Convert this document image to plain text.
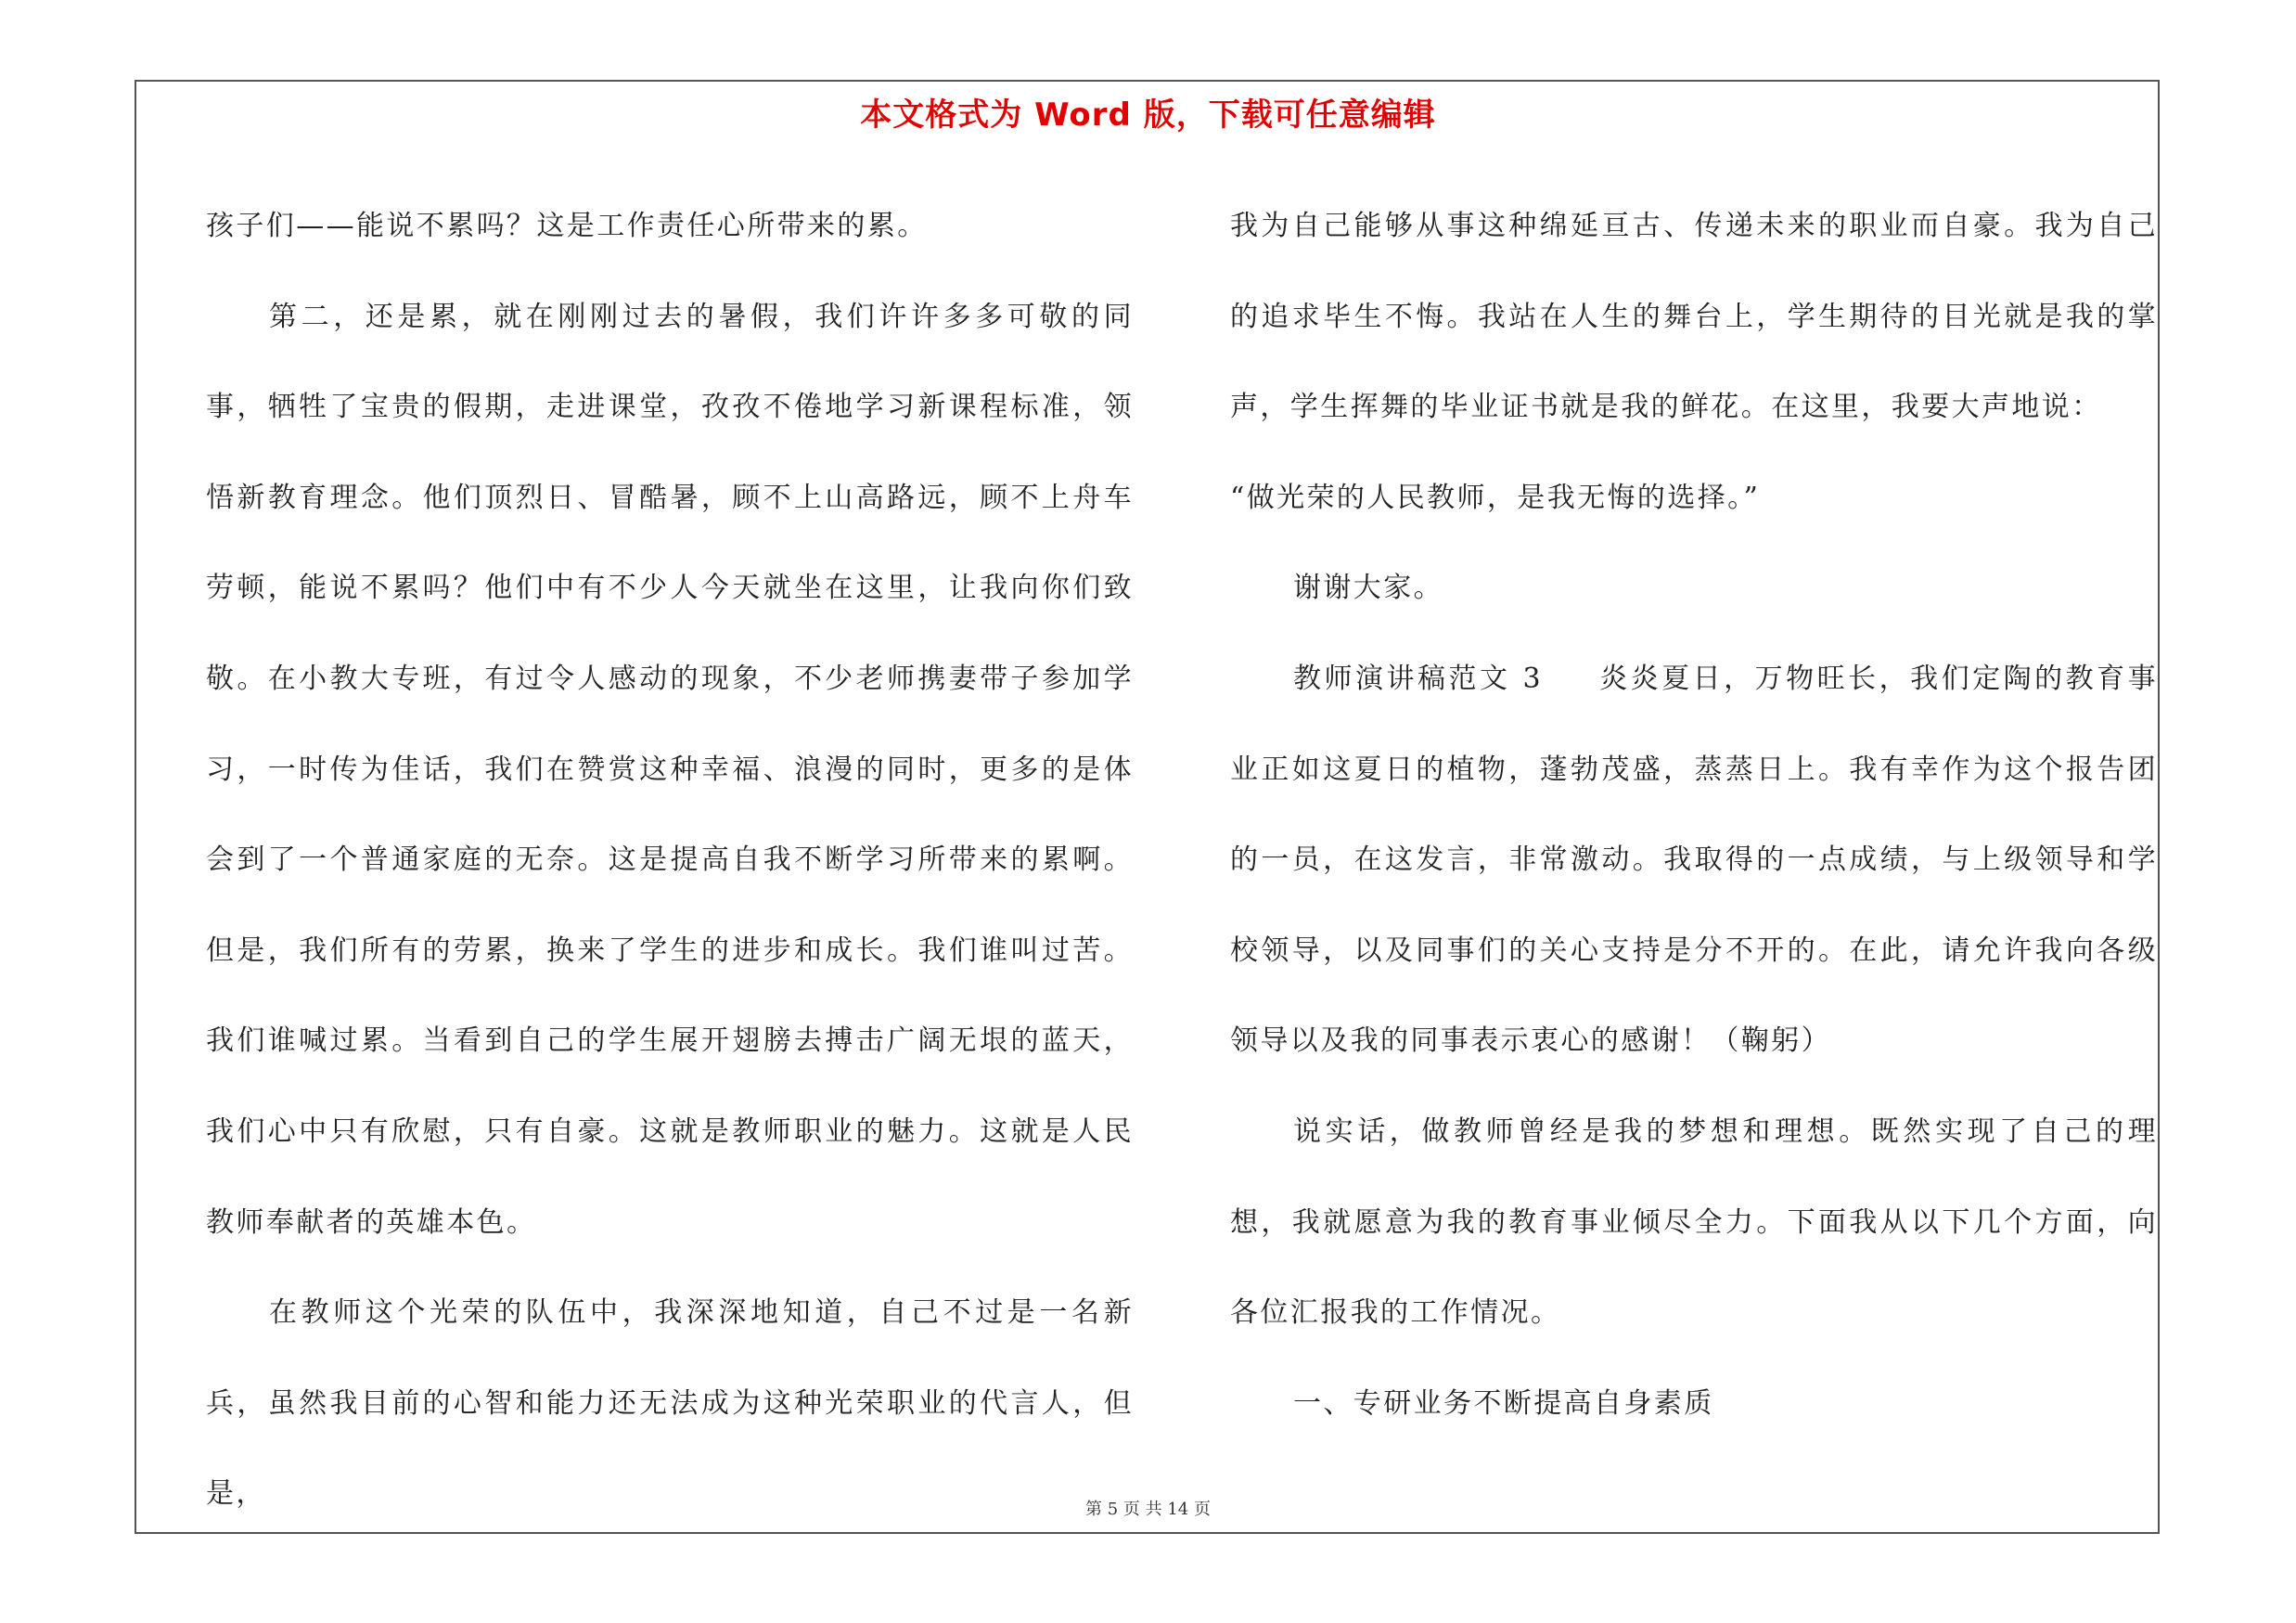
本文格式为 Word 版，下载可任意编辑

孩子们——能说不累吗？这是工作责任心所带来的累。

第二，还是累，就在刚刚过去的暑假，我们许许多多可敬的同事，牺牲了宝贵的假期，走进课堂，孜孜不倦地学习新课程标准，领悟新教育理念。他们顶烈日、冒酷暑，顾不上山高路远，顾不上舟车劳顿，能说不累吗？他们中有不少人今天就坐在这里，让我向你们致敬。在小教大专班，有过令人感动的现象，不少老师携妻带子参加学习，一时传为佳话，我们在赞赏这种幸福、浪漫的同时，更多的是体会到了一个普通家庭的无奈。这是提高自我不断学习所带来的累啊。但是，我们所有的劳累，换来了学生的进步和成长。我们谁叫过苦。我们谁喊过累。当看到自己的学生展开翅膀去搏击广阔无垠的蓝天，我们心中只有欣慰，只有自豪。这就是教师职业的魅力。这就是人民教师奉献者的英雄本色。

在教师这个光荣的队伍中，我深深地知道，自己不过是一名新兵，虽然我目前的心智和能力还无法成为这种光荣职业的代言人，但是，

我为自己能够从事这种绵延亘古、传递未来的职业而自豪。我为自己的追求毕生不悔。我站在人生的舞台上，学生期待的目光就是我的掌声，学生挥舞的毕业证书就是我的鲜花。在这里，我要大声地说：

“做光荣的人民教师，是我无悔的选择。”

谢谢大家。

教师演讲稿范文 3 炎炎夏日，万物旺长，我们定陶的教育事业正如这夏日的植物，蓬勃茂盛，蒸蒸日上。我有幸作为这个报告团的一员，在这发言，非常激动。我取得的一点成绩，与上级领导和学校领导，以及同事们的关心支持是分不开的。在此，请允许我向各级领导以及我的同事表示衷心的感谢！（鞠躬）

说实话，做教师曾经是我的梦想和理想。既然实现了自己的理想，我就愿意为我的教育事业倾尽全力。下面我从以下几个方面，向各位汇报我的工作情况。

一、专研业务不断提高自身素质

第 5 页 共 14 页
